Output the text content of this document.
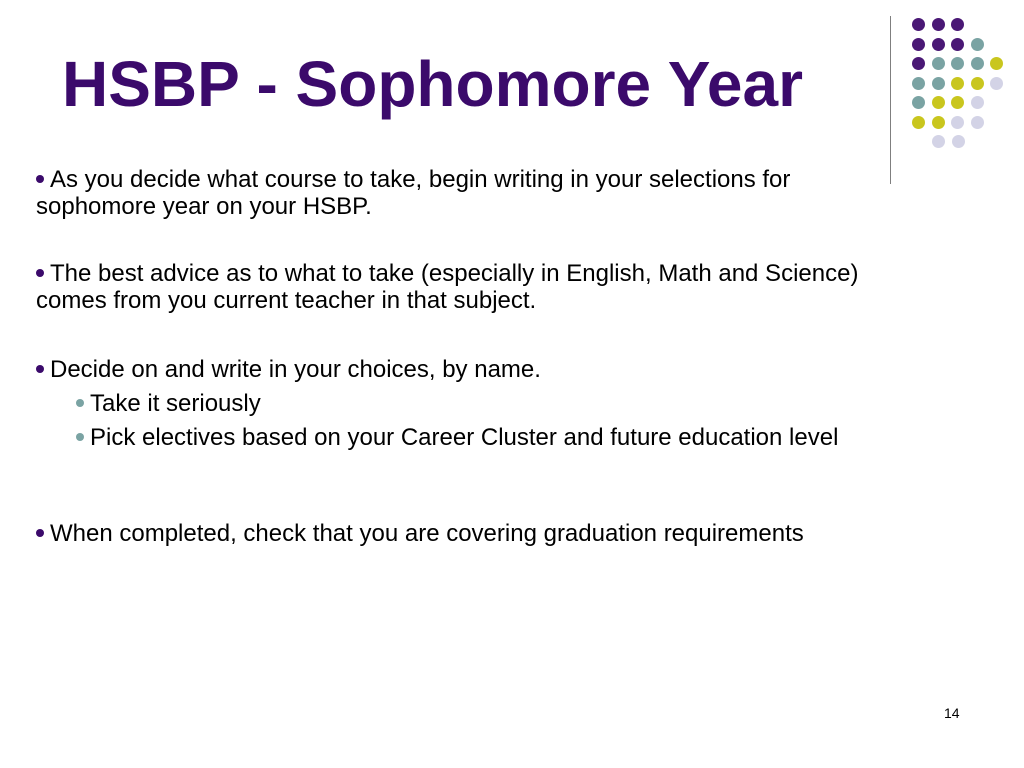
HSBP - Sophomore Year

As you decide what course to take, begin writing in your selections for sophomore year on your HSBP.

The best advice as to what to take (especially in English, Math and Science) comes from you current teacher in that subject.

Decide on and write in your choices, by name.

Take it seriously

Pick electives based on your Career Cluster and future education level

When completed, check that you are covering graduation requirements

14
